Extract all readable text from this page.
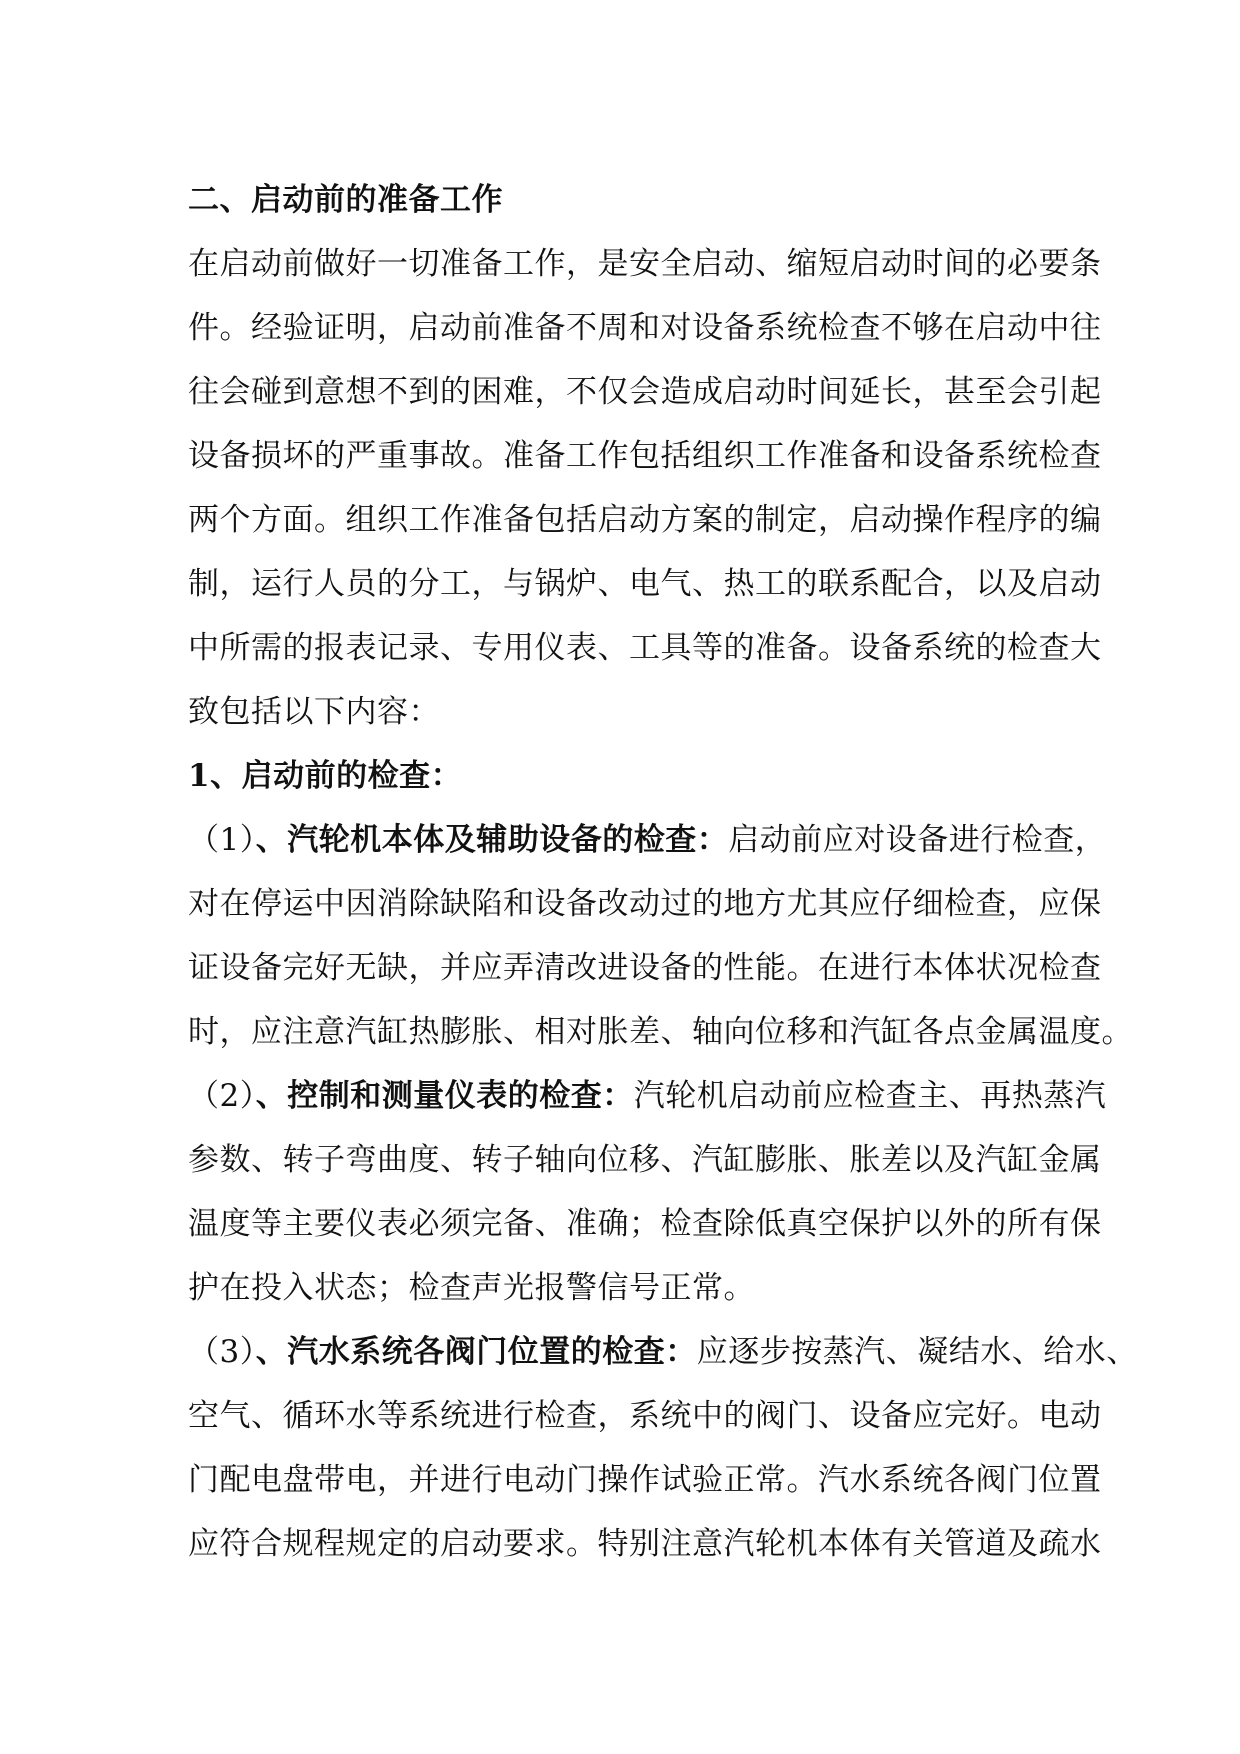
二、启动前的准备工作
在启动前做好一切准备工作，是安全启动、缩短启动时间的必要条
件。经验证明，启动前准备不周和对设备系统检查不够在启动中往
往会碰到意想不到的困难，不仅会造成启动时间延长，甚至会引起
设备损坏的严重事故。准备工作包括组织工作准备和设备系统检查
两个方面。组织工作准备包括启动方案的制定，启动操作程序的编
制，运行人员的分工，与锅炉、电气、热工的联系配合，以及启动
中所需的报表记录、专用仪表、工具等的准备。设备系统的检查大
致包括以下内容：
1、启动前的检查：
（1）、汽轮机本体及辅助设备的检查：启动前应对设备进行检查，
对在停运中因消除缺陷和设备改动过的地方尤其应仔细检查，应保
证设备完好无缺，并应弄清改进设备的性能。在进行本体状况检查
时，应注意汽缸热膨胀、相对胀差、轴向位移和汽缸各点金属温度。
（2）、控制和测量仪表的检查：汽轮机启动前应检查主、再热蒸汽
参数、转子弯曲度、转子轴向位移、汽缸膨胀、胀差以及汽缸金属
温度等主要仪表必须完备、准确；检查除低真空保护以外的所有保
护在投入状态；检查声光报警信号正常。
（3）、汽水系统各阀门位置的检查：应逐步按蒸汽、凝结水、给水、
空气、循环水等系统进行检查，系统中的阀门、设备应完好。电动
门配电盘带电，并进行电动门操作试验正常。汽水系统各阀门位置
应符合规程规定的启动要求。特别注意汽轮机本体有关管道及疏水
